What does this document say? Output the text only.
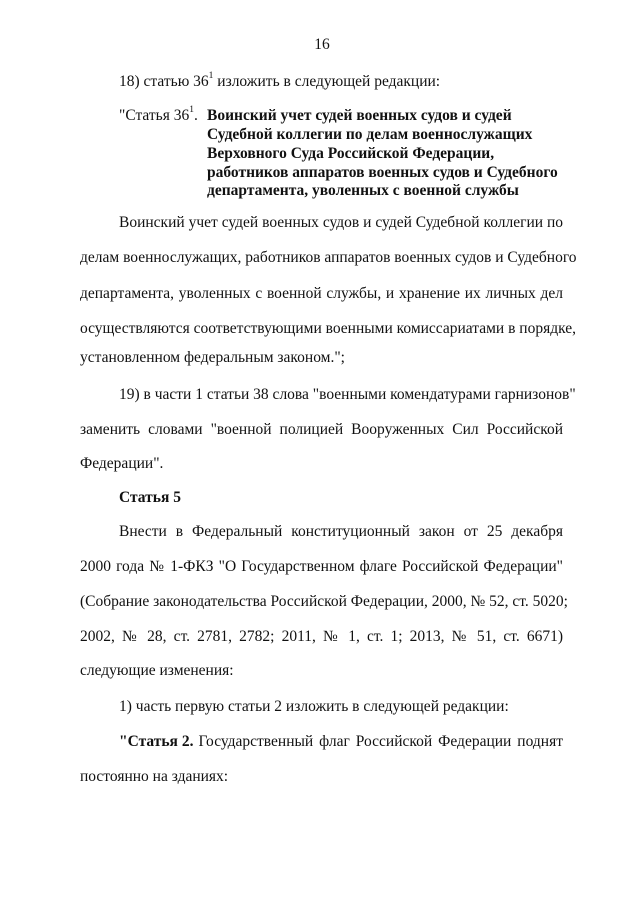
16
18) статью $36^1$ изложить в следующей редакции:
"Статья $36^1$. Воинский учет судей военных судов и судей
Судебной коллегии по делам военнослужащих
Верховного Суда Российской Федерации,
работников аппаратов военных судов и Судебного
департамента, уволенных с военной службы
Воинский учет судей военных судов и судей Судебной коллегии по
делам военнослужащих, работников аппаратов военных судов и Судебного
департамента, уволенных с военной службы, и хранение их личных дел
осуществляются соответствующими военными комиссариатами в порядке,
установленном федеральным законом.";
19) в части 1 статьи 38 слова "военными комендатурами гарнизонов"
заменить словами "военной полицией Вооруженных Сил Российской
Федерации".
Статья 5
Внести в Федеральный конституционный закон от 25 декабря
2000 года № 1-ФКЗ "О Государственном флаге Российской Федерации"
(Собрание законодательства Российской Федерации, 2000, № 52, ст. 5020;
2002, № 28, ст. 2781, 2782; 2011, № 1, ст. 1; 2013, № 51, ст. 6671)
следующие изменения:
1) часть первую статьи 2 изложить в следующей редакции:
"Статья 2. Государственный флаг Российской Федерации поднят
постоянно на зданиях:
